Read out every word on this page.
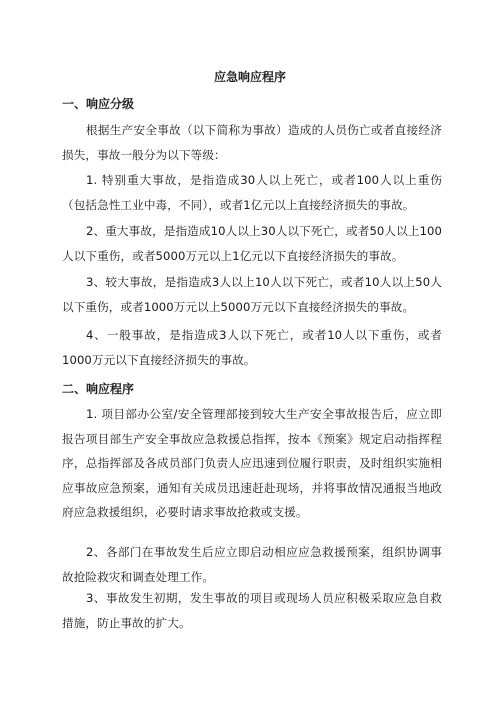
应急响应程序
一、响应分级
根据生产安全事故（以下简称为事故）造成的人员伤亡或者直接经济损失，事故一般分为以下等级：
1. 特别重大事故，是指造成30人以上死亡，或者100人以上重伤（包括急性工业中毒，不同），或者1亿元以上直接经济损失的事故。
2、重大事故，是指造成10人以上30人以下死亡，或者50人以上100人以下重伤，或者5000万元以上1亿元以下直接经济损失的事故。
3、较大事故，是指造成3人以上10人以下死亡，或者10人以上50人以下重伤，或者1000万元以上5000万元以下直接经济损失的事故。
4、一般事故，是指造成3人以下死亡，或者10人以下重伤，或者1000万元以下直接经济损失的事故。
二、响应程序
1. 项目部办公室/安全管理部接到较大生产安全事故报告后，应立即报告项目部生产安全事故应急救援总指挥，按本《预案》规定启动指挥程序，总指挥部及各成员部门负责人应迅速到位履行职责，及时组织实施相应事故应急预案，通知有关成员迅速赶赴现场，并将事故情况通报当地政府应急救援组织，必要时请求事故抢救或支援。
2、各部门在事故发生后应立即启动相应应急救援预案，组织协调事故抢险救灾和调查处理工作。
3、事故发生初期，发生事故的项目或现场人员应积极采取应急自救措施，防止事故的扩大。
